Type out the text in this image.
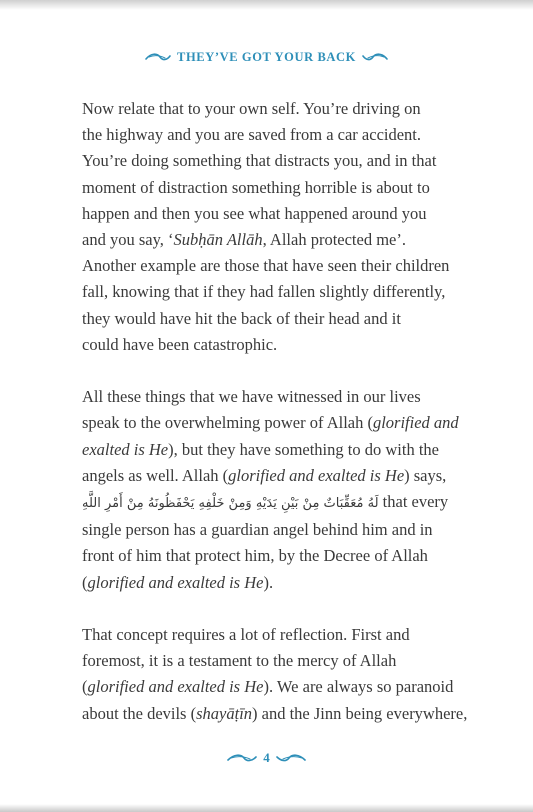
THEY’VE GOT YOUR BACK

Now relate that to your own self. You’re driving on
the highway and you are saved from a car accident.
You’re doing something that distracts you, and in that
moment of distraction something horrible is about to
happen and then you see what happened around you
and you say, ‘Subḥān Allāh, Allah protected me’.
Another example are those that have seen their children
fall, knowing that if they had fallen slightly differently,
they would have hit the back of their head and it
could have been catastrophic.

All these things that we have witnessed in our lives
speak to the overwhelming power of Allah (glorified and
exalted is He), but they have something to do with the
angels as well. Allah (glorified and exalted is He) says,
لَهُ مُعَقِّبَاتٌ مِنْ بَيْنِ يَدَيْهِ وَمِنْ خَلْفِهِ يَحْفَظُونَهُ مِنْ أَمْرِ اللَّهِ that every
single person has a guardian angel behind him and in
front of him that protect him, by the Decree of Allah
(glorified and exalted is He).

That concept requires a lot of reflection. First and
foremost, it is a testament to the mercy of Allah
(glorified and exalted is He). We are always so paranoid
about the devils (shayāṭīn) and the Jinn being everywhere,

4
